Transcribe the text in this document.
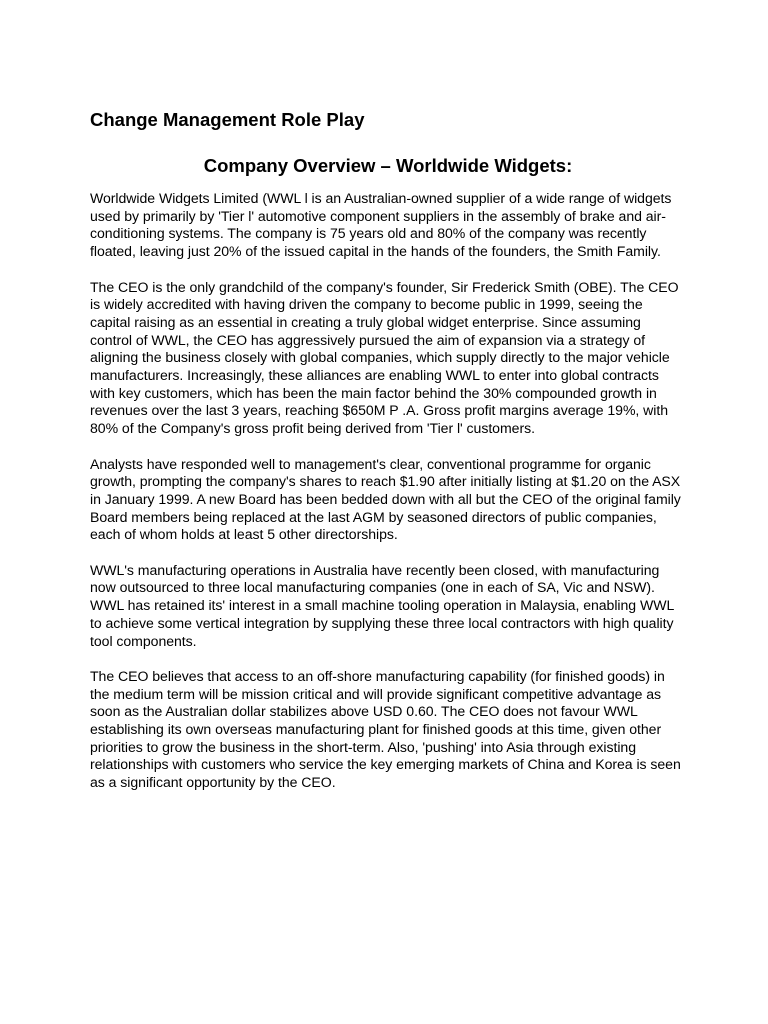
Change Management Role Play
Company Overview – Worldwide Widgets:

Worldwide Widgets Limited (WWL l is an Australian-owned supplier of a wide range of widgets used by primarily by 'Tier l' automotive component suppliers in the assembly of brake and air-conditioning systems. The company is 75 years old and 80% of the company was recently floated, leaving just 20% of the issued capital in the hands of the founders, the Smith Family.

The CEO is the only grandchild of the company's founder, Sir Frederick Smith (OBE). The CEO is widely accredited with having driven the company to become public in 1999, seeing the capital raising as an essential in creating a truly global widget enterprise. Since assuming control of WWL, the CEO has aggressively pursued the aim of expansion via a strategy of aligning the business closely with global companies, which supply directly to the major vehicle manufacturers. Increasingly, these alliances are enabling WWL to enter into global contracts with key customers, which has been the main factor behind the 30% compounded growth in revenues over the last 3 years, reaching $650M P .A. Gross profit margins average 19%, with 80% of the Company's gross profit being derived from 'Tier l' customers.

Analysts have responded well to management's clear, conventional programme for organic growth, prompting the company's shares to reach $1.90 after initially listing at $1.20 on the ASX in January 1999. A new Board has been bedded down with all but the CEO of the original family Board members being replaced at the last AGM by seasoned directors of public companies, each of whom holds at least 5 other directorships.

WWL's manufacturing operations in Australia have recently been closed, with manufacturing now outsourced to three local manufacturing companies (one in each of SA, Vic and NSW). WWL has retained its' interest in a small machine tooling operation in Malaysia, enabling WWL to achieve some vertical integration by supplying these three local contractors with high quality tool components.

The CEO believes that access to an off-shore manufacturing capability (for finished goods) in the medium term will be mission critical and will provide significant competitive advantage as soon as the Australian dollar stabilizes above USD 0.60. The CEO does not favour WWL establishing its own overseas manufacturing plant for finished goods at this time, given other priorities to grow the business in the short-term. Also, 'pushing' into Asia through existing relationships with customers who service the key emerging markets of China and Korea is seen as a significant opportunity by the CEO.
